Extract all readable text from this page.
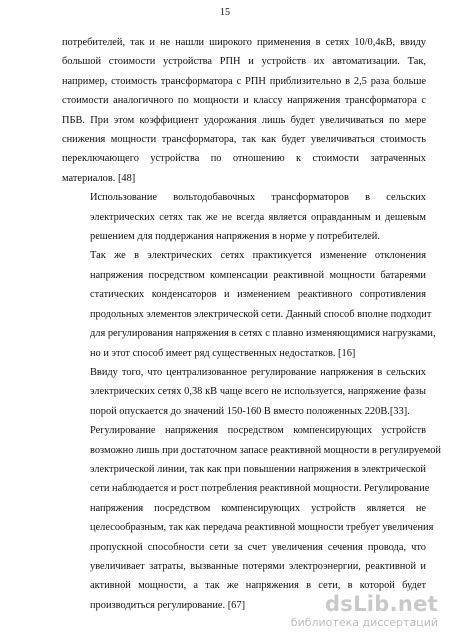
15

потребителей, так и не нашли широкого применения в сетях 10/0,4кВ, ввиду
большой стоимости устройства РПН и устройств их автоматизации. Так,
например, стоимость трансформатора с РПН приблизительно в 2,5 раза больше
стоимости аналогичного по мощности и классу напряжения трансформатора с
ПБВ. При этом коэффициент удорожания лишь будет увеличиваться по мере
снижения мощности трансформатора, так как будет увеличиваться стоимость
переключающего устройства по отношению к стоимости затраченных
материалов. [48]

Использование вольтодобавочных трансформаторов в сельских
электрических сетях так же не всегда является оправданным и дешевым
решением для поддержания напряжения в норме у потребителей.

Так же в электрических сетях практикуется изменение отклонения
напряжения посредством компенсации реактивной мощности батареями
статических конденсаторов и изменением реактивного сопротивления
продольных элементов электрической сети. Данный способ вполне подходит
для регулирования напряжения в сетях с плавно изменяющимися нагрузками,
но и этот способ имеет ряд существенных недостатков. [16]

Ввиду того, что централизованное регулирование напряжения в сельских
электрических сетях 0,38 кВ чаще всего не используется, напряжение фазы
порой опускается до значений 150-160 В вместо положенных 220В.[33].

Регулирование напряжения посредством компенсирующих устройств
возможно лишь при достаточном запасе реактивной мощности в регулируемой
электрической линии, так как при повышении напряжения в электрической
сети наблюдается и рост потребления реактивной мощности. Регулирование
напряжения посредством компенсирующих устройств является не
целесообразным, так как передача реактивной мощности требует увеличения
пропускной способности сети за счет увеличения сечения провода, что
увеличивает затраты, вызванные потерями электроэнергии, реактивной и
активной мощности, а так же напряжения в сети, в которой будет
производиться регулирование. [67]	dsLib.net
библиотека диссертаций
